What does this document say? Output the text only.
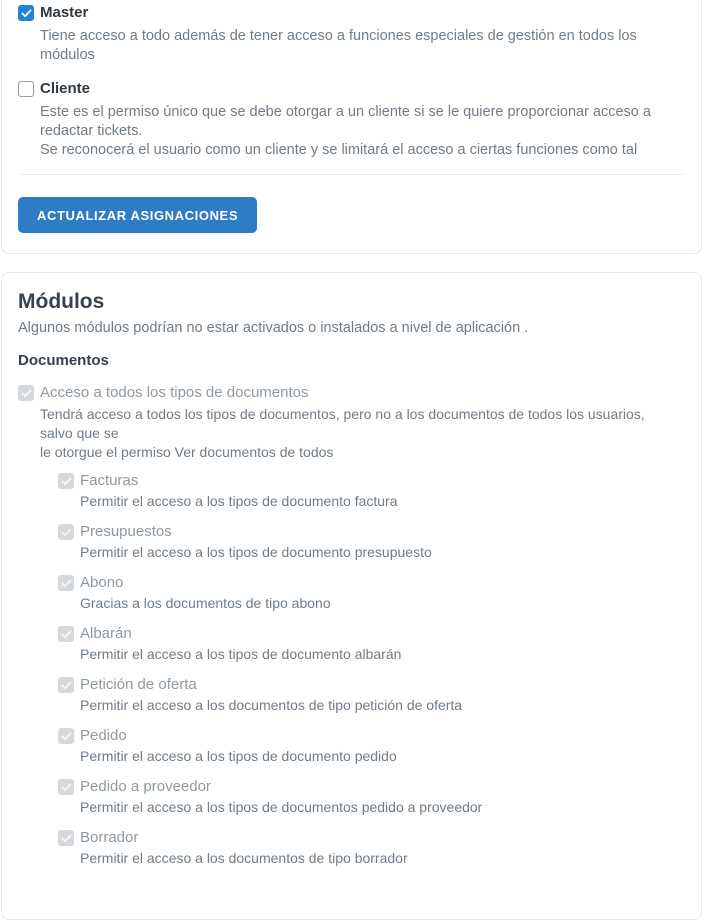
Master
Tiene acceso a todo además de tener acceso a funciones especiales de gestión en todos los módulos
Cliente
Este es el permiso único que se debe otorgar a un cliente si se le quiere proporcionar acceso a redactar tickets.
Se reconocerá el usuario como un cliente y se limitará el acceso a ciertas funciones como tal
ACTUALIZAR ASIGNACIONES
Módulos
Algunos módulos podrían no estar activados o instalados a nivel de aplicación .
Documentos
Acceso a todos los tipos de documentos
Tendrá acceso a todos los tipos de documentos, pero no a los documentos de todos los usuarios, salvo que se
le otorgue el permiso Ver documentos de todos
Facturas
Permitir el acceso a los tipos de documento factura
Presupuestos
Permitir el acceso a los tipos de documento presupuesto
Abono
Gracias a los documentos de tipo abono
Albarán
Permitir el acceso a los tipos de documento albarán
Petición de oferta
Permitir el acceso a los documentos de tipo petición de oferta
Pedido
Permitir el acceso a los tipos de documento pedido
Pedido a proveedor
Permitir el acceso a los tipos de documentos pedido a proveedor
Borrador
Permitir el acceso a los documentos de tipo borrador
